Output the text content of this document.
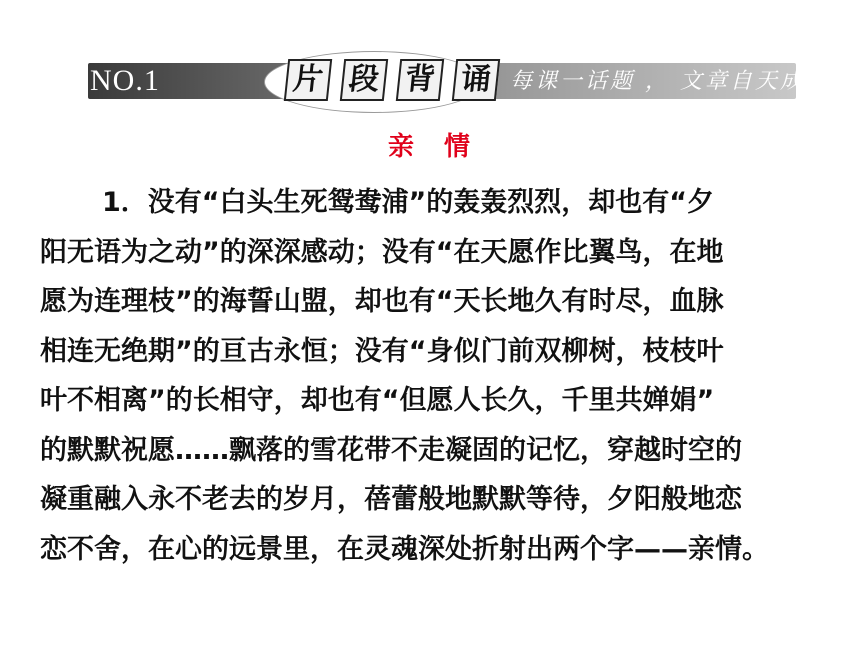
NO.1	片 段 背 诵 每课一话题 ， 文章自天成!
亲　情
1．没有“白头生死鸳鸯浦”的轰轰烈烈，却也有“夕
阳无语为之动”的深深感动；没有“在天愿作比翼鸟，在地
愿为连理枝”的海誓山盟，却也有“天长地久有时尽，血脉
相连无绝期”的亘古永恒；没有“身似门前双柳树，枝枝叶
叶不相离”的长相守，却也有“但愿人长久，千里共婵娟”
的默默祝愿……飘落的雪花带不走凝固的记忆，穿越时空的
凝重融入永不老去的岁月，蓓蕾般地默默等待，夕阳般地恋
恋不舍，在心的远景里，在灵魂深处折射出两个字——亲情。
